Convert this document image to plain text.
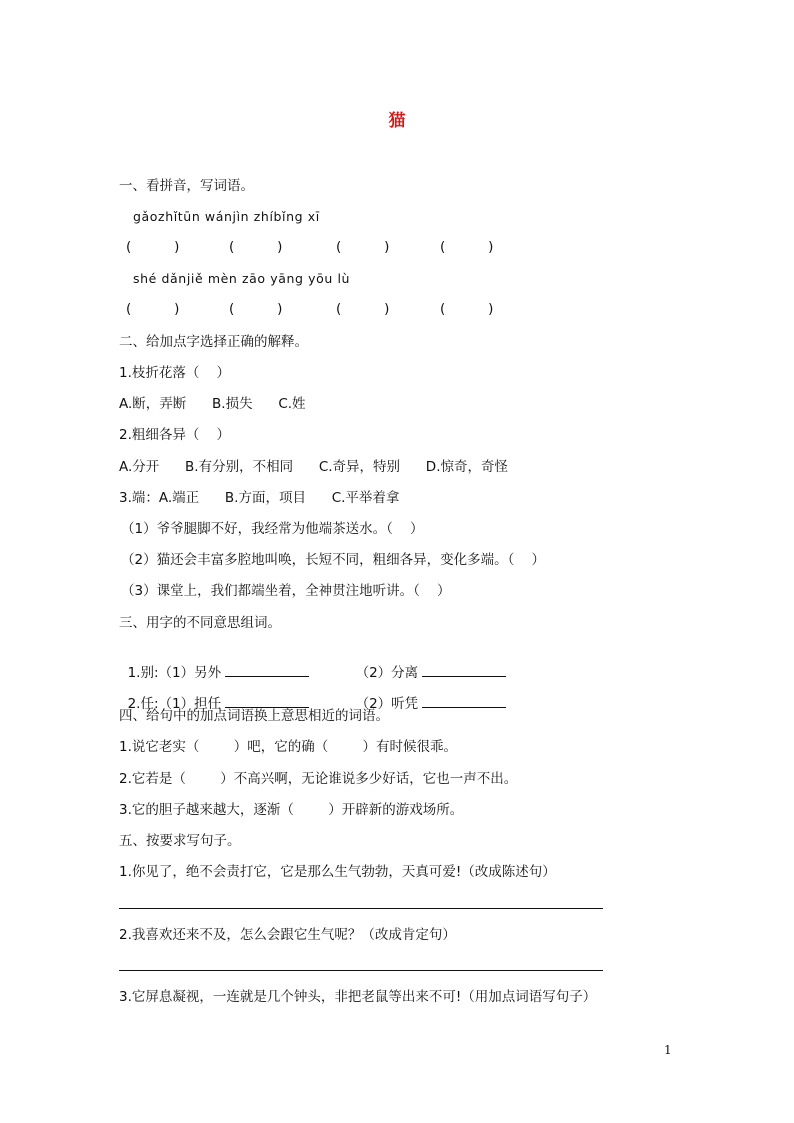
猫
一、看拼音，写词语。
gǎozhǐtūn wánjìn zhíbǐng xī
(          )	(          )	(          )	(          )
shé dǎnjiě mèn zāo yāng yōu lù
(          )	(          )	(          )	(          )
二、给加点字选择正确的解释。
1.枝折花落（    ）
A.断，弄断      B.损失      C.姓
2.粗细各异（    ）
A.分开      B.有分别，不相同      C.奇异，特别      D.惊奇，奇怪
3.端：A.端正      B.方面，项目      C.平举着拿
（1）爷爷腿脚不好，我经常为他端茶送水。（    ）
（2）猫还会丰富多腔地叫唤，长短不同，粗细各异，变化多端。（    ）
（3）课堂上，我们都端坐着，全神贯注地听讲。（    ）
三、用字的不同意思组词。

1.别:（1）另外	（2）分离

2.任:（1）担任	（2）听凭

四、给句中的加点词语换上意思相近的词语。
1.说它老实（        ）吧，它的确（        ）有时候很乖。
2.它若是（        ）不高兴啊，无论谁说多少好话，它也一声不出。
3.它的胆子越来越大，逐渐（        ）开辟新的游戏场所。
五、按要求写句子。
1.你见了，绝不会责打它，它是那么生气勃勃，天真可爱!（改成陈述句）
2.我喜欢还来不及，怎么会跟它生气呢？（改成肯定句）
3.它屏息凝视，一连就是几个钟头，非把老鼠等出来不可!（用加点词语写句子）
1
